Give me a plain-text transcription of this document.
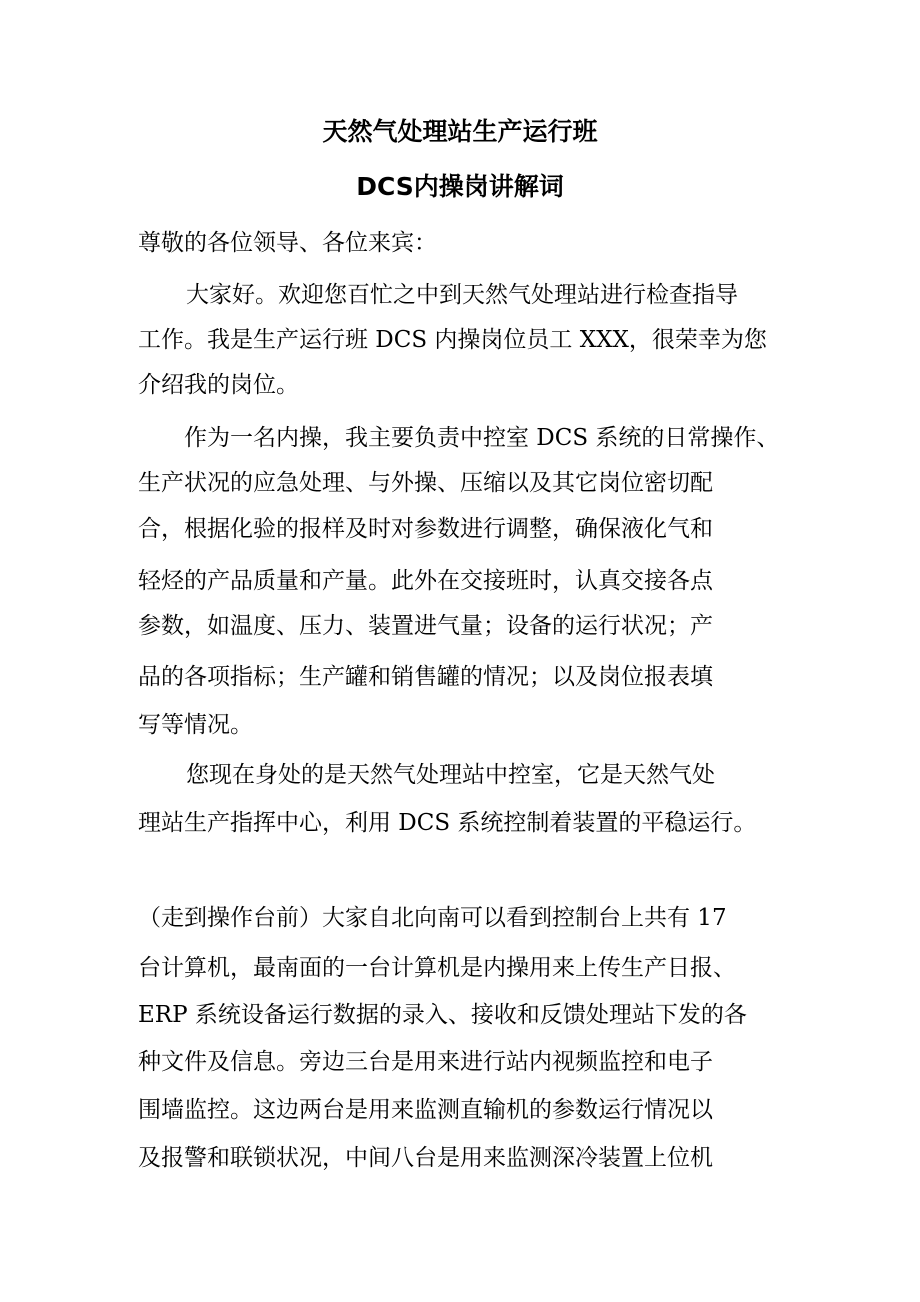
天然气处理站生产运行班
DCS内操岗讲解词
尊敬的各位领导、各位来宾：
大家好。欢迎您百忙之中到天然气处理站进行检查指导
工作。我是生产运行班 DCS 内操岗位员工 XXX，很荣幸为您
介绍我的岗位。
作为一名内操，我主要负责中控室 DCS 系统的日常操作、
生产状况的应急处理、与外操、压缩以及其它岗位密切配
合，根据化验的报样及时对参数进行调整，确保液化气和
轻烃的产品质量和产量。此外在交接班时，认真交接各点
参数，如温度、压力、装置进气量；设备的运行状况；产
品的各项指标；生产罐和销售罐的情况；以及岗位报表填
写等情况。
您现在身处的是天然气处理站中控室，它是天然气处
理站生产指挥中心，利用 DCS 系统控制着装置的平稳运行。
（走到操作台前）大家自北向南可以看到控制台上共有 17
台计算机，最南面的一台计算机是内操用来上传生产日报、
ERP 系统设备运行数据的录入、接收和反馈处理站下发的各
种文件及信息。旁边三台是用来进行站内视频监控和电子
围墙监控。这边两台是用来监测直输机的参数运行情况以
及报警和联锁状况，中间八台是用来监测深冷装置上位机
